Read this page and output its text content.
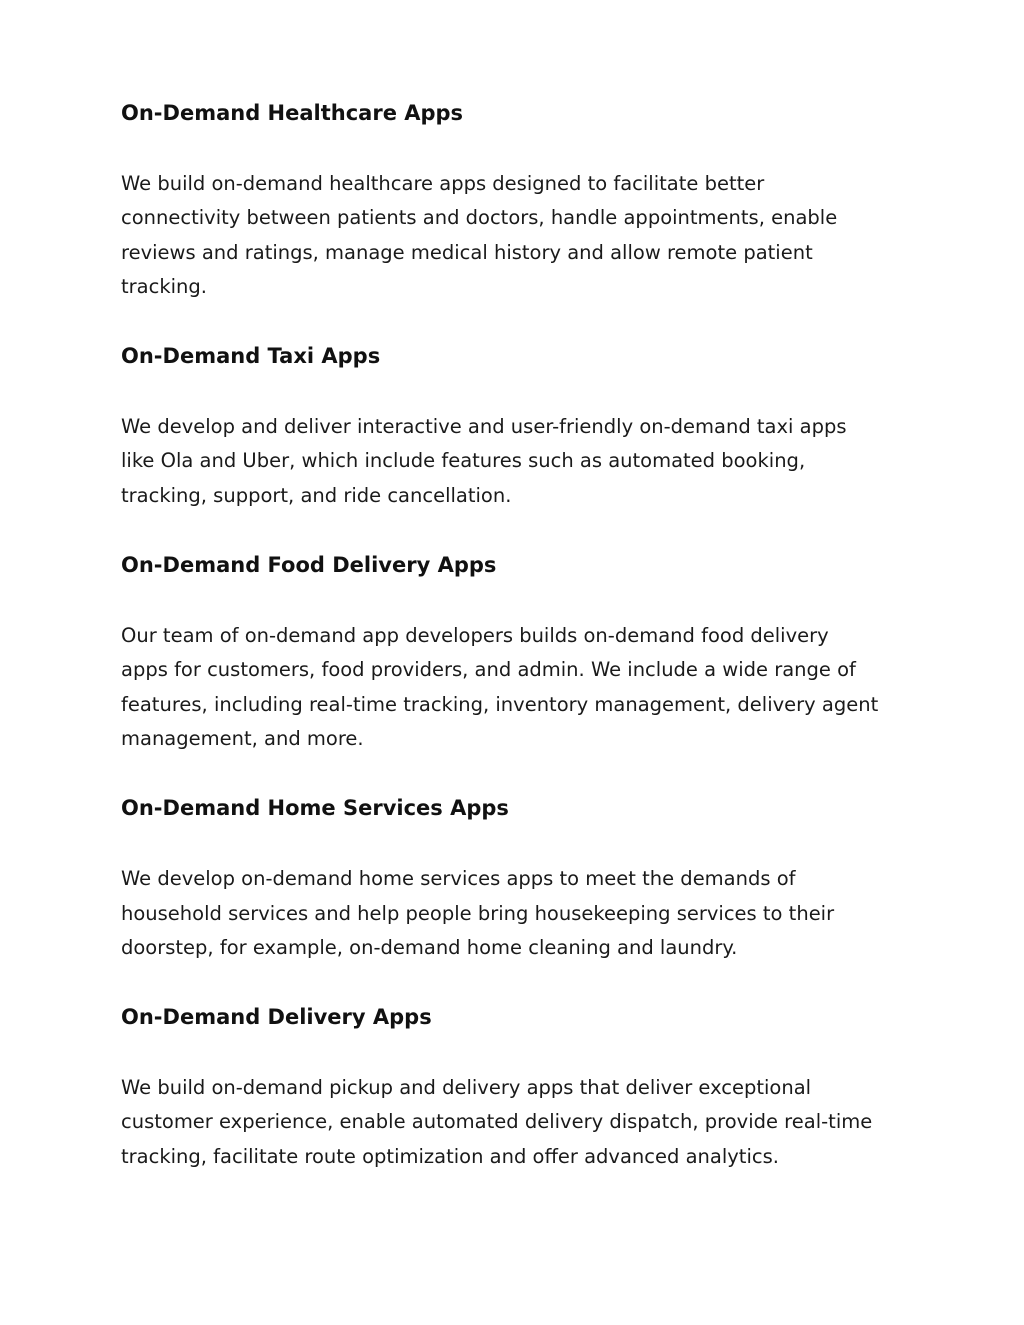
On-Demand Healthcare Apps

We build on-demand healthcare apps designed to facilitate better
connectivity between patients and doctors, handle appointments, enable
reviews and ratings, manage medical history and allow remote patient
tracking.

On-Demand Taxi Apps

We develop and deliver interactive and user-friendly on-demand taxi apps
like Ola and Uber, which include features such as automated booking,
tracking, support, and ride cancellation.

On-Demand Food Delivery Apps

Our team of on-demand app developers builds on-demand food delivery
apps for customers, food providers, and admin. We include a wide range of
features, including real-time tracking, inventory management, delivery agent
management, and more.

On-Demand Home Services Apps

We develop on-demand home services apps to meet the demands of
household services and help people bring housekeeping services to their
doorstep, for example, on-demand home cleaning and laundry.

On-Demand Delivery Apps

We build on-demand pickup and delivery apps that deliver exceptional
customer experience, enable automated delivery dispatch, provide real-time
tracking, facilitate route optimization and offer advanced analytics.
